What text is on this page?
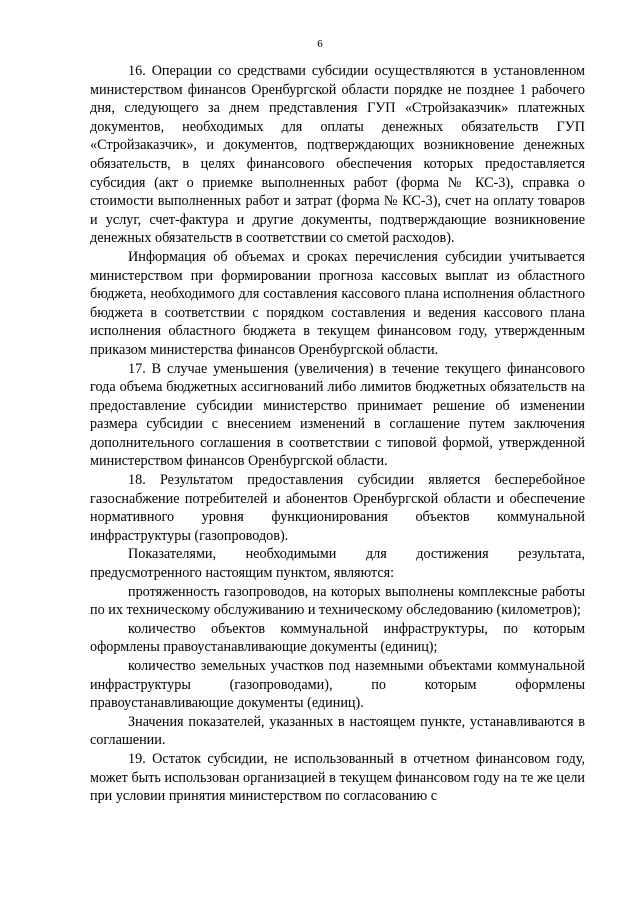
6

16. Операции со средствами субсидии осуществляются в установленном министерством финансов Оренбургской области порядке не позднее 1 рабочего дня, следующего за днем представления ГУП «Стройзаказчик» платежных документов, необходимых для оплаты денежных обязательств ГУП «Стройзаказчик», и документов, подтверждающих возникновение денежных обязательств, в целях финансового обеспечения которых предоставляется субсидия (акт о приемке выполненных работ (форма № КС-3), справка о стоимости выполненных работ и затрат (форма № КС-3), счет на оплату товаров и услуг, счет-фактура и другие документы, подтверждающие возникновение денежных обязательств в соответствии со сметой расходов).

Информация об объемах и сроках перечисления субсидии учитывается министерством при формировании прогноза кассовых выплат из областного бюджета, необходимого для составления кассового плана исполнения областного бюджета в соответствии с порядком составления и ведения кассового плана исполнения областного бюджета в текущем финансовом году, утвержденным приказом министерства финансов Оренбургской области.

17. В случае уменьшения (увеличения) в течение текущего финансового года объема бюджетных ассигнований либо лимитов бюджетных обязательств на предоставление субсидии министерство принимает решение об изменении размера субсидии с внесением изменений в соглашение путем заключения дополнительного соглашения в соответствии с типовой формой, утвержденной министерством финансов Оренбургской области.

18. Результатом предоставления субсидии является бесперебойное газоснабжение потребителей и абонентов Оренбургской области и обеспечение нормативного уровня функционирования объектов коммунальной инфраструктуры (газопроводов).

Показателями, необходимыми для достижения результата, предусмотренного настоящим пунктом, являются:

протяженность газопроводов, на которых выполнены комплексные работы по их техническому обслуживанию и техническому обследованию (километров);

количество объектов коммунальной инфраструктуры, по которым оформлены правоустанавливающие документы (единиц);

количество земельных участков под наземными объектами коммунальной инфраструктуры (газопроводами), по которым оформлены правоустанавливающие документы (единиц).

Значения показателей, указанных в настоящем пункте, устанавливаются в соглашении.

19. Остаток субсидии, не использованный в отчетном финансовом году, может быть использован организацией в текущем финансовом году на те же цели при условии принятия министерством по согласованию с
